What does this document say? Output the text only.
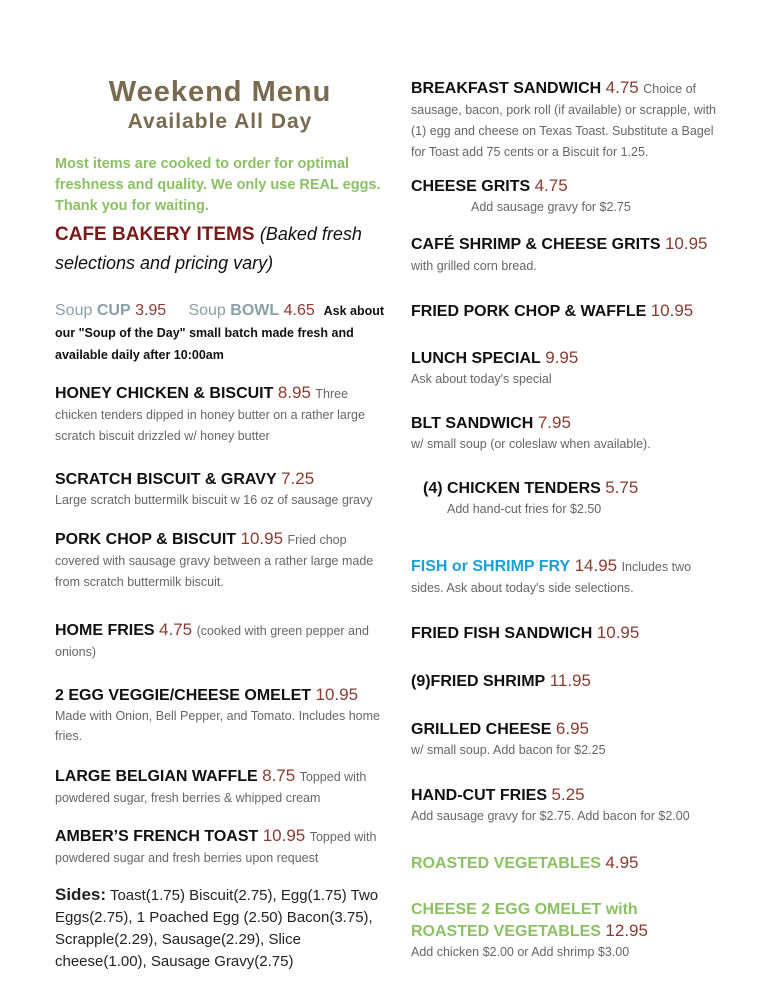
Weekend Menu
Available All Day
Most items are cooked to order for optimal freshness and quality. We only use REAL eggs. Thank you for waiting.
CAFE BAKERY ITEMS (Baked fresh selections and pricing vary)
Soup CUP 3.95 Soup BOWL 4.65 Ask about our "Soup of the Day" small batch made fresh and available daily after 10:00am
HONEY CHICKEN & BISCUIT 8.95 Three chicken tenders dipped in honey butter on a rather large scratch biscuit drizzled w/ honey butter
SCRATCH BISCUIT & GRAVY 7.25
Large scratch buttermilk biscuit w 16 oz of sausage gravy
PORK CHOP & BISCUIT 10.95 Fried chop covered with sausage gravy between a rather large made from scratch buttermilk biscuit.
HOME FRIES 4.75 (cooked with green pepper and onions)
2 EGG VEGGIE/CHEESE OMELET 10.95
Made with Onion, Bell Pepper, and Tomato. Includes home fries.
LARGE BELGIAN WAFFLE 8.75 Topped with powdered sugar, fresh berries & whipped cream
AMBER’S FRENCH TOAST 10.95 Topped with powdered sugar and fresh berries upon request
BREAKFAST SANDWICH 4.75 Choice of sausage, bacon, pork roll (if available) or scrapple, with (1) egg and cheese on Texas Toast. Substitute a Bagel for Toast add 75 cents or a Biscuit for 1.25.
CHEESE GRITS 4.75
Add sausage gravy for $2.75
CAFÉ SHRIMP & CHEESE GRITS 10.95 with grilled corn bread.
FRIED PORK CHOP & WAFFLE 10.95
LUNCH SPECIAL 9.95
Ask about today's special
BLT SANDWICH 7.95
w/ small soup (or coleslaw when available).
(4) CHICKEN TENDERS 5.75
Add hand-cut fries for $2.50
FISH or SHRIMP FRY 14.95 Includes two sides. Ask about today's side selections.
FRIED FISH SANDWICH 10.95
(9)FRIED SHRIMP 11.95
GRILLED CHEESE 6.95
w/ small soup. Add bacon for $2.25
HAND-CUT FRIES 5.25
Add sausage gravy for $2.75. Add bacon for $2.00
ROASTED VEGETABLES 4.95
CHEESE 2 EGG OMELET with ROASTED VEGETABLES 12.95
Add chicken $2.00 or Add shrimp $3.00
Sides: Toast(1.75) Biscuit(2.75), Egg(1.75) Two Eggs(2.75), 1 Poached Egg (2.50) Bacon(3.75), Scrapple(2.29), Sausage(2.29), Slice cheese(1.00), Sausage Gravy(2.75)
